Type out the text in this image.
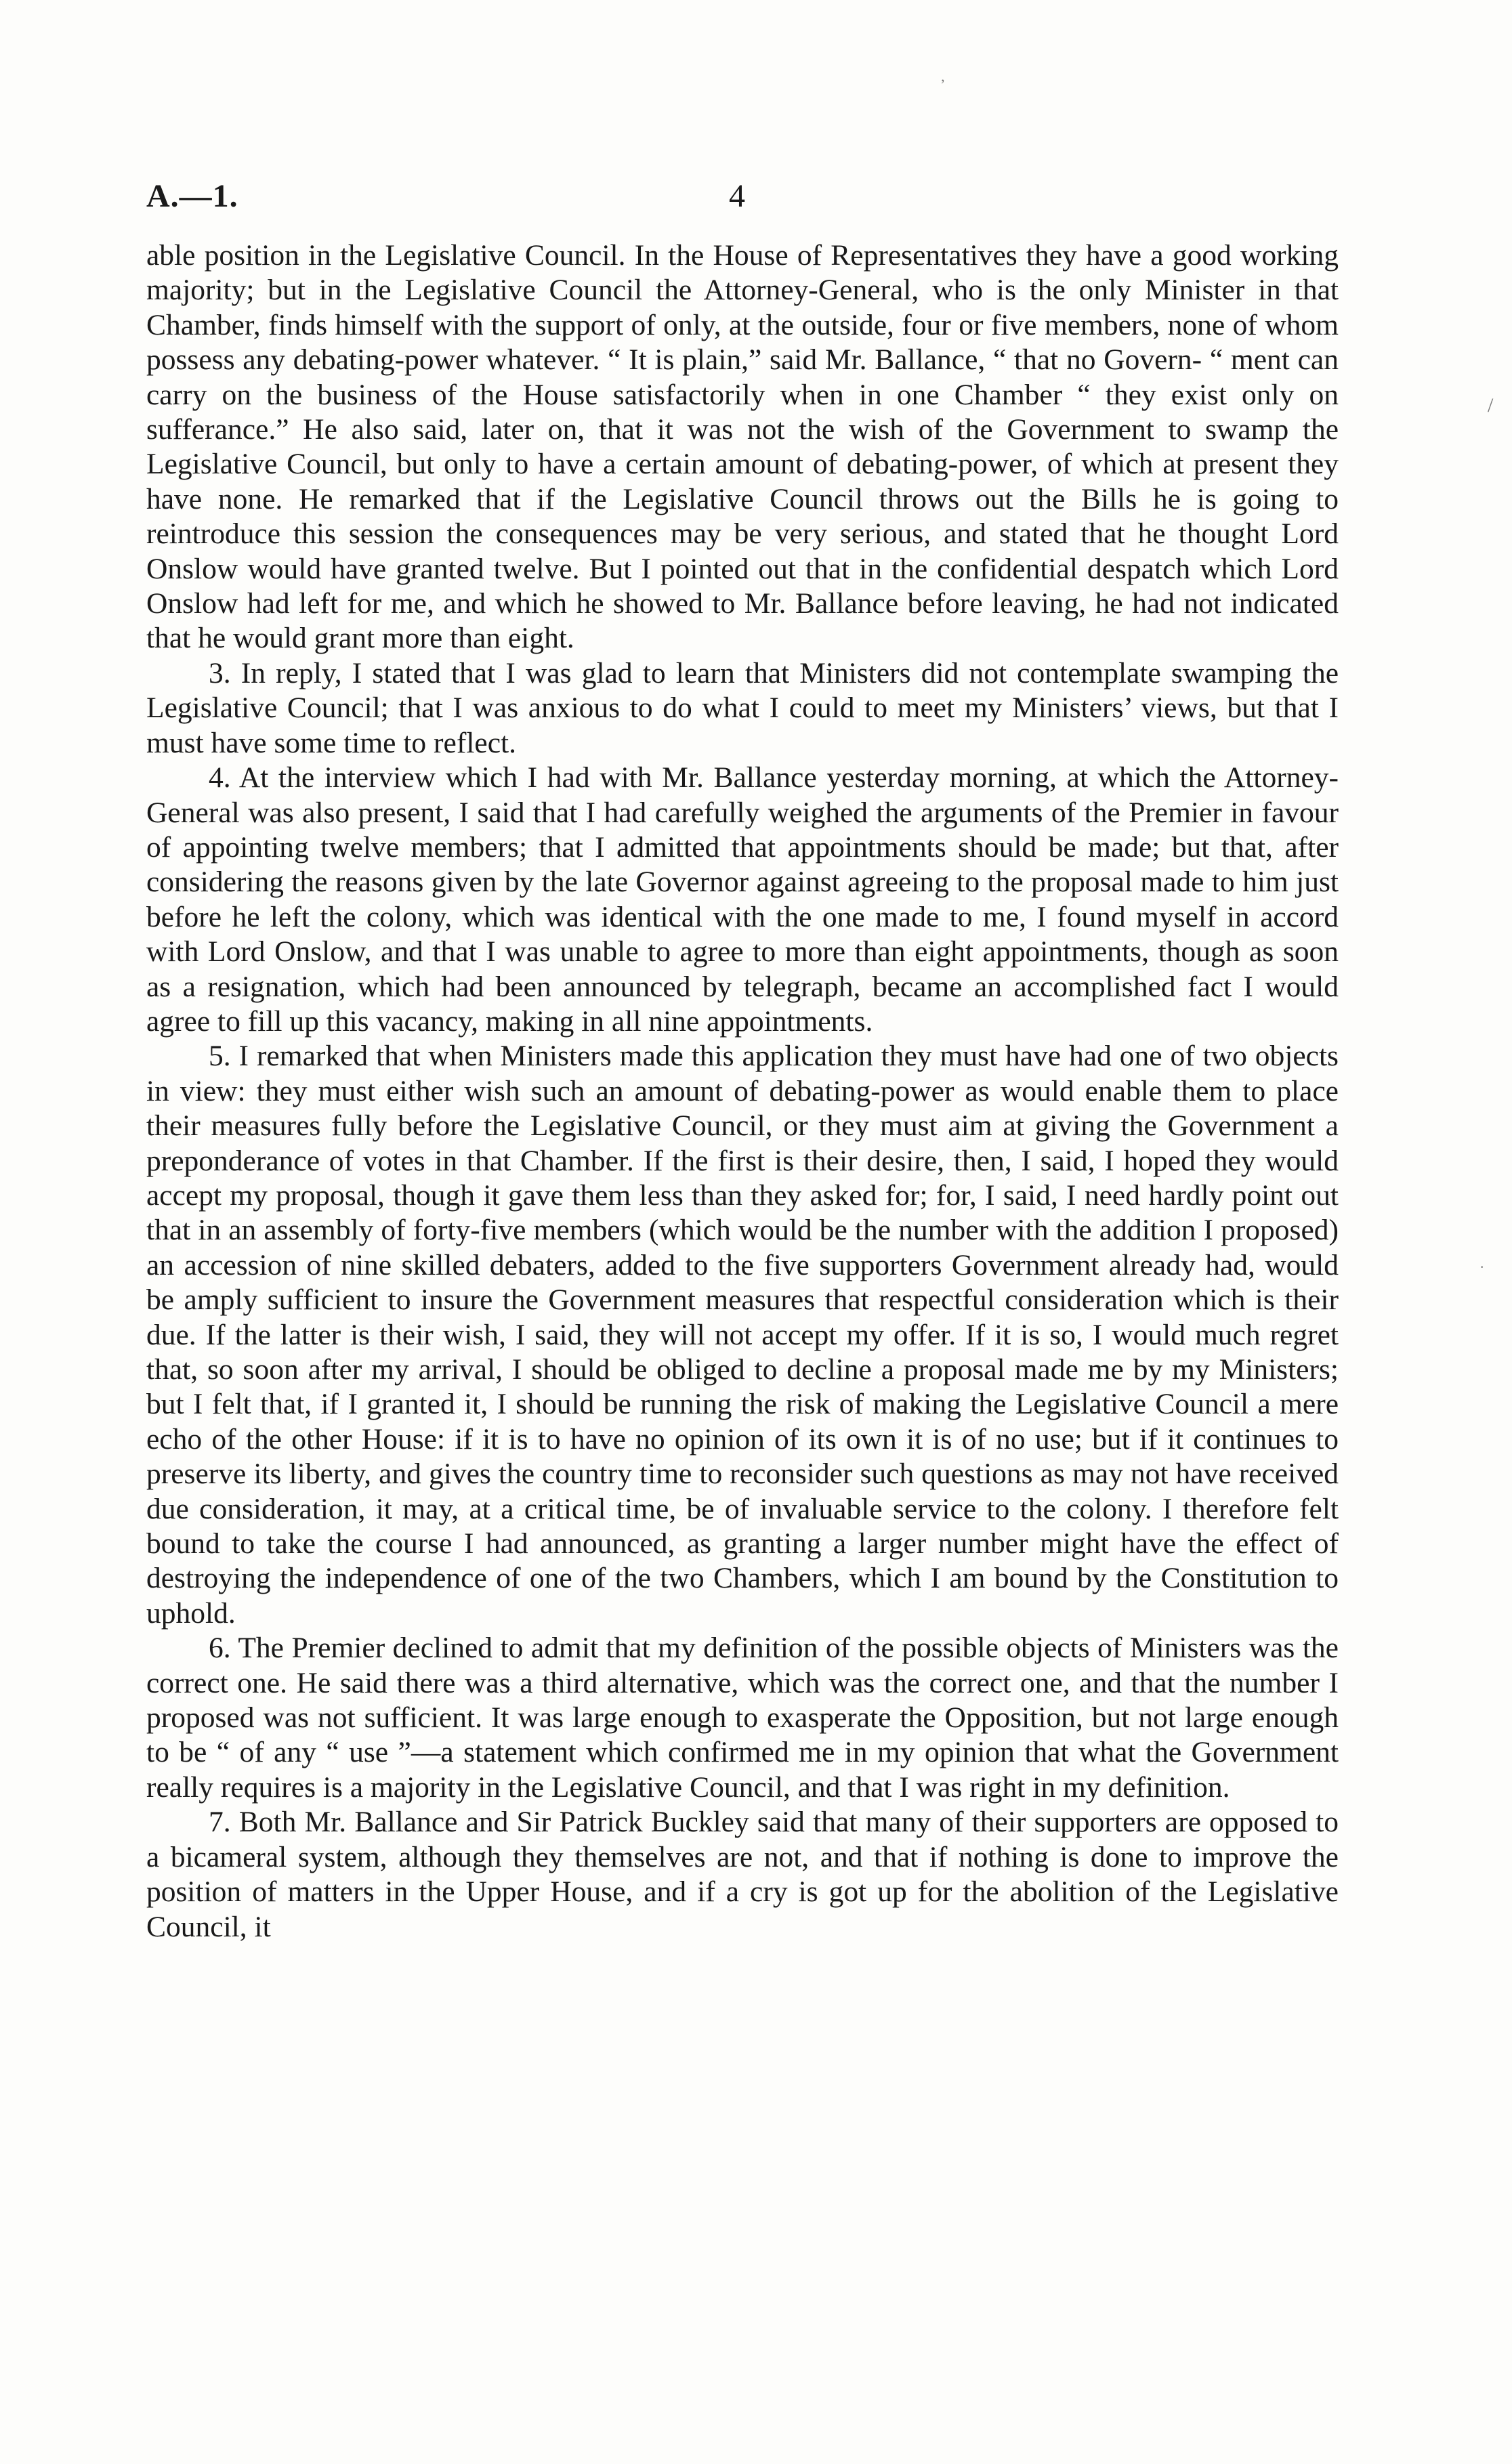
A.—1.	4

able position in the Legislative Council. In the House of Representatives they have a good working majority; but in the Legislative Council the Attorney-General, who is the only Minister in that Chamber, finds himself with the support of only, at the outside, four or five members, none of whom possess any debating-power whatever. “ It is plain,” said Mr. Ballance, “ that no Govern- “ ment can carry on the business of the House satisfactorily when in one Chamber “ they exist only on sufferance.” He also said, later on, that it was not the wish of the Government to swamp the Legislative Council, but only to have a certain amount of debating-power, of which at present they have none. He remarked that if the Legislative Council throws out the Bills he is going to reintroduce this session the consequences may be very serious, and stated that he thought Lord Onslow would have granted twelve. But I pointed out that in the confidential despatch which Lord Onslow had left for me, and which he showed to Mr. Ballance before leaving, he had not indicated that he would grant more than eight.

3. In reply, I stated that I was glad to learn that Ministers did not contemplate swamping the Legislative Council; that I was anxious to do what I could to meet my Ministers’ views, but that I must have some time to reflect.

4. At the interview which I had with Mr. Ballance yesterday morning, at which the Attorney-General was also present, I said that I had carefully weighed the arguments of the Premier in favour of appointing twelve members; that I admitted that appointments should be made; but that, after considering the reasons given by the late Governor against agreeing to the proposal made to him just before he left the colony, which was identical with the one made to me, I found myself in accord with Lord Onslow, and that I was unable to agree to more than eight appointments, though as soon as a resignation, which had been announced by telegraph, became an accomplished fact I would agree to fill up this vacancy, making in all nine appointments.

5. I remarked that when Ministers made this application they must have had one of two objects in view: they must either wish such an amount of debating-power as would enable them to place their measures fully before the Legislative Council, or they must aim at giving the Government a preponderance of votes in that Chamber. If the first is their desire, then, I said, I hoped they would accept my proposal, though it gave them less than they asked for; for, I said, I need hardly point out that in an assembly of forty-five members (which would be the number with the addition I proposed) an accession of nine skilled debaters, added to the five supporters Government already had, would be amply sufficient to insure the Government measures that respectful consideration which is their due. If the latter is their wish, I said, they will not accept my offer. If it is so, I would much regret that, so soon after my arrival, I should be obliged to decline a proposal made me by my Ministers; but I felt that, if I granted it, I should be running the risk of making the Legislative Council a mere echo of the other House: if it is to have no opinion of its own it is of no use; but if it continues to preserve its liberty, and gives the country time to reconsider such questions as may not have received due consideration, it may, at a critical time, be of invaluable service to the colony. I therefore felt bound to take the course I had announced, as granting a larger number might have the effect of destroying the independence of one of the two Chambers, which I am bound by the Constitution to uphold.

6. The Premier declined to admit that my definition of the possible objects of Ministers was the correct one. He said there was a third alternative, which was the correct one, and that the number I proposed was not sufficient. It was large enough to exasperate the Opposition, but not large enough to be “ of any “ use ”—a statement which confirmed me in my opinion that what the Government really requires is a majority in the Legislative Council, and that I was right in my definition.

7. Both Mr. Ballance and Sir Patrick Buckley said that many of their supporters are opposed to a bicameral system, although they themselves are not, and that if nothing is done to improve the position of matters in the Upper House, and if a cry is got up for the abolition of the Legislative Council, it

’
/
·
